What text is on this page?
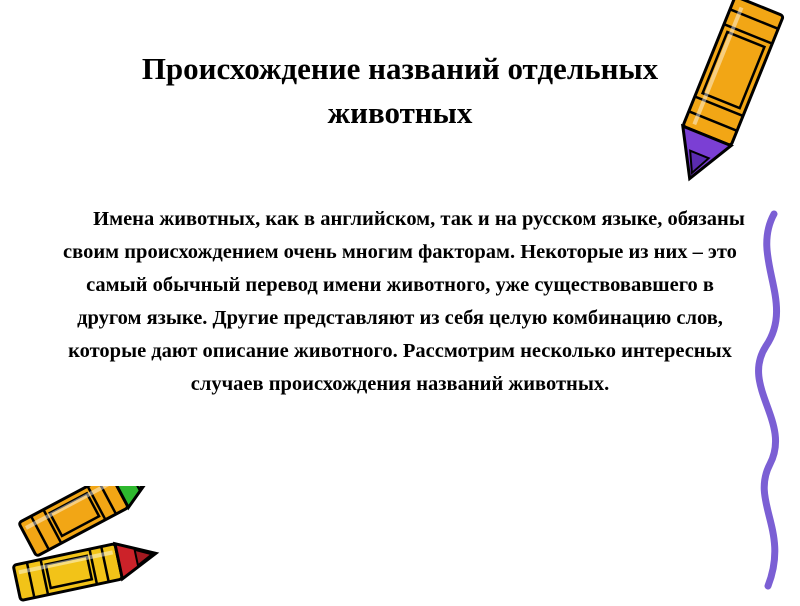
Происхождение названий отдельных животных

Имена животных, как в английском, так и на русском языке, обязаны своим происхождением очень многим факторам. Некоторые из них – это самый обычный перевод имени животного, уже существовавшего в другом языке. Другие представляют из себя целую комбинацию слов, которые дают описание животного. Рассмотрим несколько интересных случаев происхождения названий животных.
